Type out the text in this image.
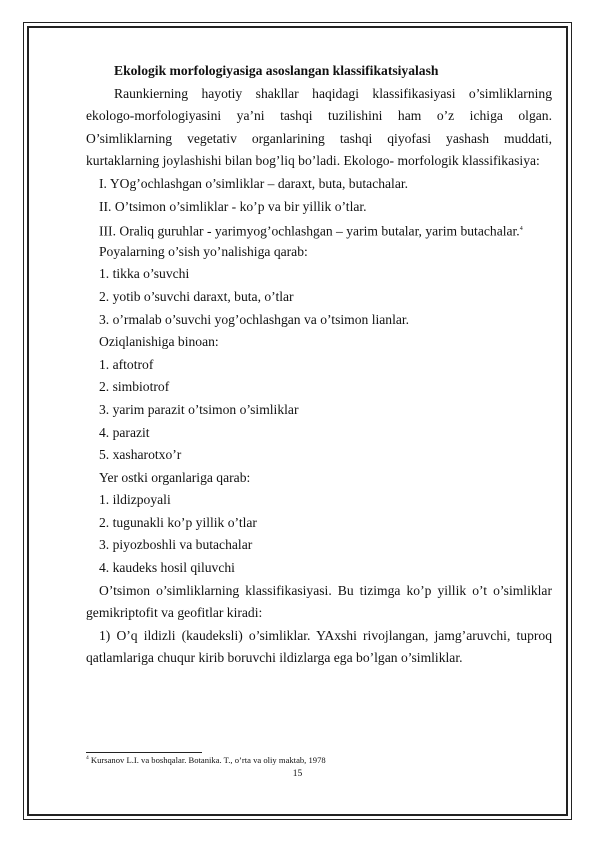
Ekologik morfologiyasiga asoslangan klassifikatsiyalash
Raunkierning hayotiy shakllar haqidagi klassifikasiyasi o’simliklarning
ekologo-morfologiyasini ya’ni tashqi tuzilishini ham o’z ichiga olgan.
O’simliklarning vegetativ organlarining tashqi qiyofasi yashash muddati,
kurtaklarning joylashishi bilan bog’liq bo’ladi. Ekologo- morfologik klassifikasiya:
I. YOg’ochlashgan o’simliklar – daraxt, buta, butachalar.
II. O’tsimon o’simliklar - ko’p va bir yillik o’tlar.
III. Oraliq guruhlar - yarimyog’ochlashgan – yarim butalar, yarim butachalar.$^4$
Poyalarning o’sish yo’nalishiga qarab:
1. tikka o’suvchi
2. yotib o’suvchi daraxt, buta, o’tlar
3. o’rmalab o’suvchi yog’ochlashgan va o’tsimon lianlar.
Oziqlanishiga binoan:
1. aftotrof
2. simbiotrof
3. yarim parazit o’tsimon o’simliklar
4. parazit
5. xasharotxo’r
Yer ostki organlariga qarab:
1. ildizpoyali
2. tugunakli ko’p yillik o’tlar
3. piyozboshli va butachalar
4. kaudeks hosil qiluvchi
O’tsimon o’simliklarning klassifikasiyasi. Bu tizimga ko’p yillik o’t o’simliklar
gemikriptofit va geofitlar kiradi:
1) O’q ildizli (kaudeksli) o’simliklar. YAxshi rivojlangan, jamg’aruvchi, tuproq
qatlamlariga chuqur kirib boruvchi ildizlarga ega bo’lgan o’simliklar.
$^4$ Kursanov L.I. va boshqalar. Botanika. T., o’rta va oliy maktab, 1978
15
